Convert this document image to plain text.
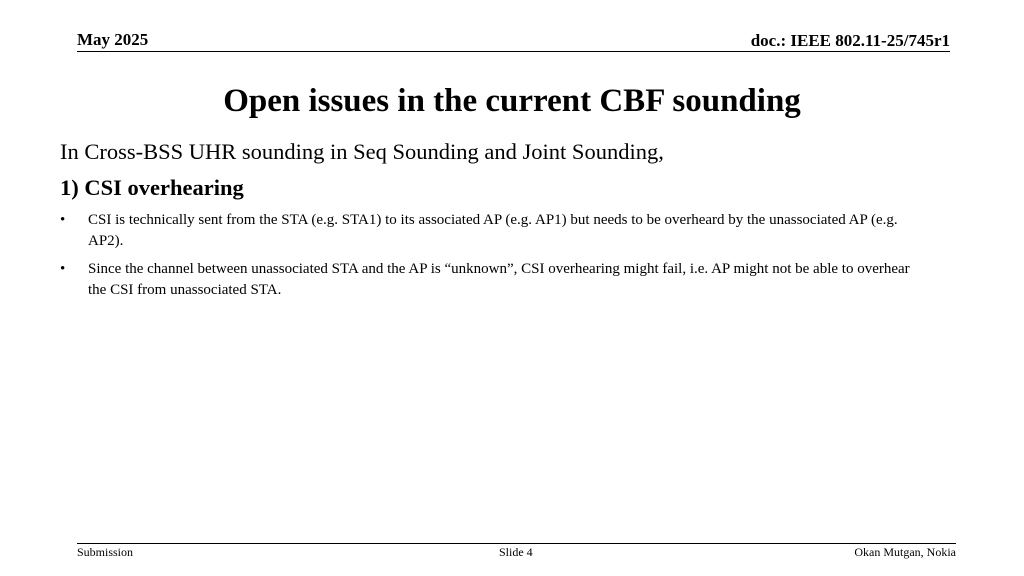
May 2025	doc.: IEEE 802.11-25/745r1
Open issues in the current CBF sounding
In Cross-BSS UHR sounding in Seq Sounding and Joint Sounding,
1) CSI overhearing
• CSI is technically sent from the STA (e.g. STA1) to its associated AP (e.g. AP1) but needs to be overheard by the unassociated AP (e.g. AP2).
• Since the channel between unassociated STA and the AP is “unknown”, CSI overhearing might fail, i.e. AP might not be able to overhear the CSI from unassociated STA.
Submission	Slide 4	Okan Mutgan, Nokia
